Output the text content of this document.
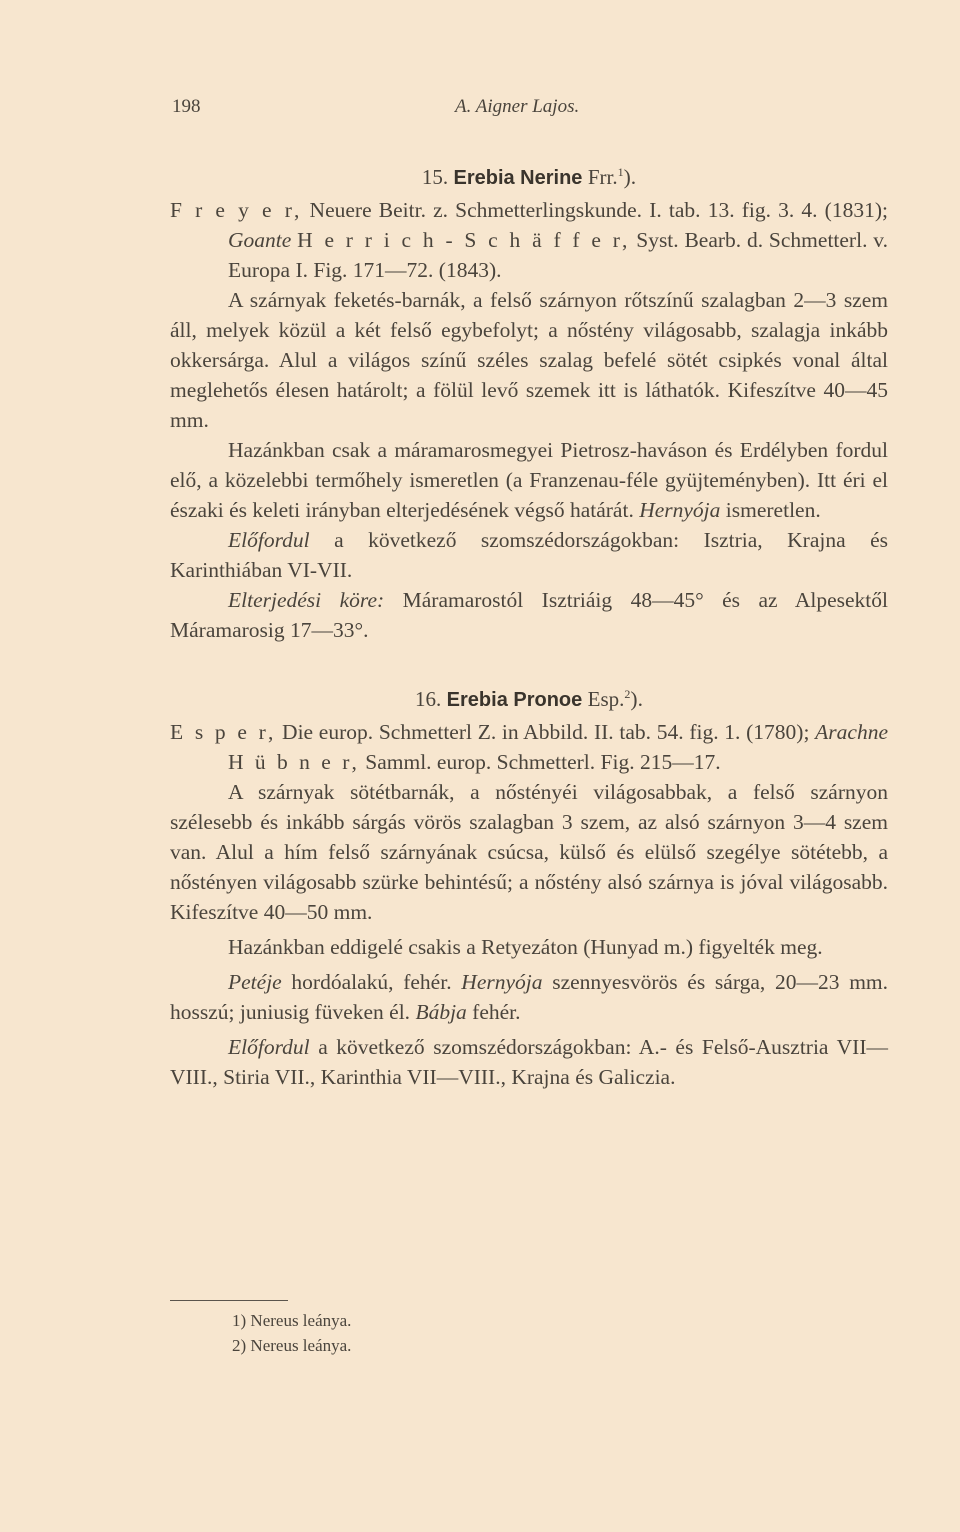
198	A. Aigner Lajos.
15. Erebia Nerine Frr.$^1$).

F r e y e r, Neuere Beitr. z. Schmetterlingskunde. I. tab. 13. fig. 3. 4. (1831); Goante H e r r i c h - S c h ä f f e r, Syst. Bearb. d. Schmetterl. v. Europa I. Fig. 171—72. (1843).

A szárnyak feketés-barnák, a felső szárnyon rőtszínű szalagban 2—3 szem áll, melyek közül a két felső egybefolyt; a nőstény világosabb, szalagja inkább okkersárga. Alul a világos színű széles szalag befelé sötét csipkés vonal által meglehetős élesen határolt; a fölül levő szemek itt is láthatók. Kifeszítve 40—45 mm.

Hazánkban csak a máramarosmegyei Pietrosz-haváson és Erdélyben fordul elő, a közelebbi termőhely ismeretlen (a Franzenau-féle gyüjteményben). Itt éri el északi és keleti irányban elterjedésének végső határát. Hernyója ismeretlen.

Előfordul a következő szomszédországokban: Isztria, Krajna és Karinthiában VI-VII.

Elterjedési köre: Máramarostól Isztriáig 48—45° és az Alpesektől Máramarosig 17—33°.

16. Erebia Pronoe Esp.$^2$).

E s p e r, Die europ. Schmetterl Z. in Abbild. II. tab. 54. fig. 1. (1780); Arachne H ü b n e r, Samml. europ. Schmetterl. Fig. 215—17.

A szárnyak sötétbarnák, a nőstényéi világosabbak, a felső szárnyon szélesebb és inkább sárgás vörös szalagban 3 szem, az alsó szárnyon 3—4 szem van. Alul a hím felső szárnyának csúcsa, külső és elülső szegélye sötétebb, a nőstényen világosabb szürke behintésű; a nőstény alsó szárnya is jóval világosabb. Kifeszítve 40—50 mm.

Hazánkban eddigelé csakis a Retyezáton (Hunyad m.) figyelték meg.

Petéje hordóalakú, fehér. Hernyója szennyesvörös és sárga, 20—23 mm. hosszú; juniusig füveken él. Bábja fehér.

Előfordul a következő szomszédországokban: A.- és Felső-Ausztria VII—VIII., Stiria VII., Karinthia VII—VIII., Krajna és Galiczia.

1) Nereus leánya.
2) Nereus leánya.
